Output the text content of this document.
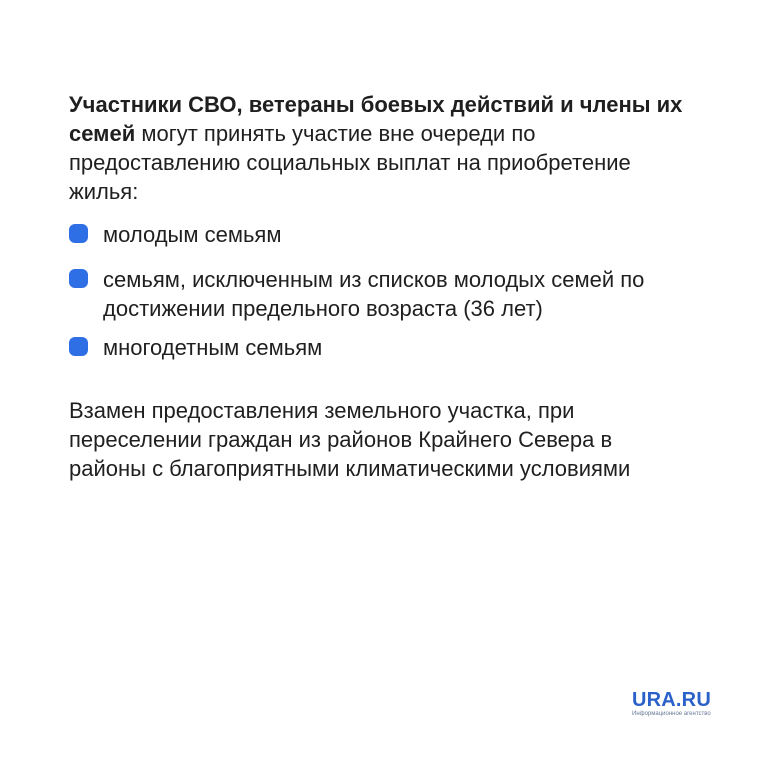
Участники СВО, ветераны боевых действий и члены их семей могут принять участие вне очереди по предоставлению социальных выплат на приобретение жилья:

молодым семьям
семьям, исключенным из списков молодых семей по достижении предельного возраста (36 лет)
многодетным семьям

Взамен предоставления земельного участка, при переселении граждан из районов Крайнего Севера в районы с благоприятными климатическими условиями

URA.RU
Информационное агентство
